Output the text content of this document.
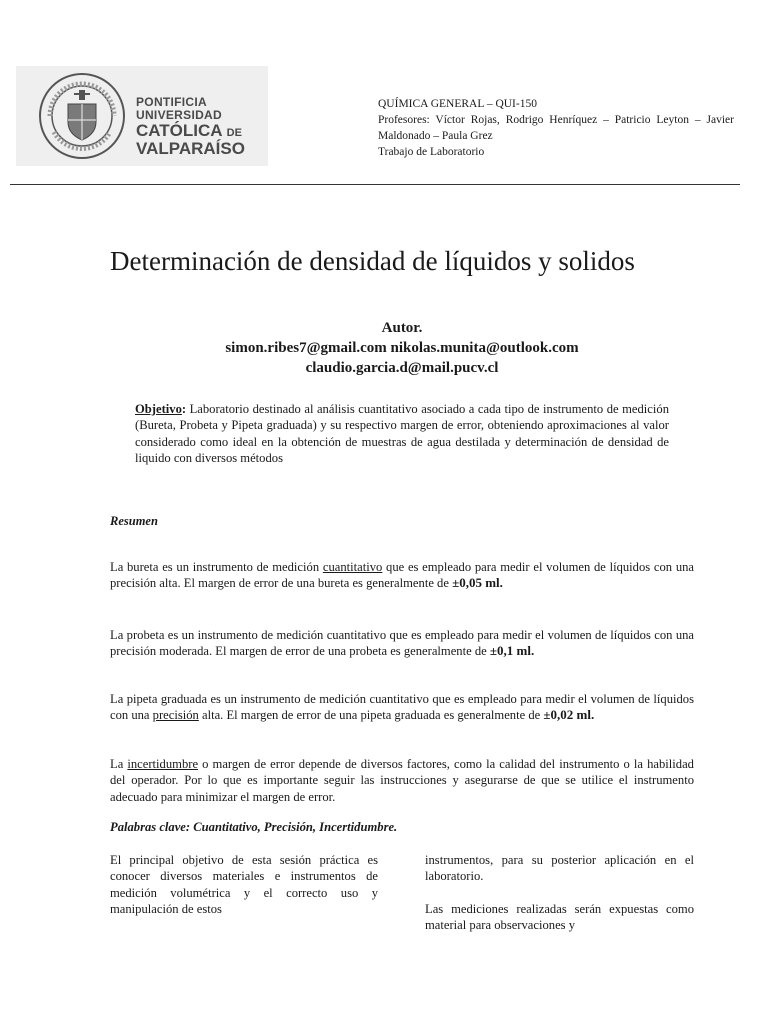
PONTIFICIA
UNIVERSIDAD
CATÓLICA DE
VALPARAÍSO
QUÍMICA GENERAL – QUI-150
Profesores: Víctor Rojas, Rodrigo Henríquez – Patricio Leyton – Javier Maldonado – Paula Grez
Trabajo de Laboratorio
Determinación de densidad de líquidos y solidos
Autor.
simon.ribes7@gmail.com nikolas.munita@outlook.com
claudio.garcia.d@mail.pucv.cl
Objetivo: Laboratorio destinado al análisis cuantitativo asociado a cada tipo de instrumento de medición (Bureta, Probeta y Pipeta graduada) y su respectivo margen de error, obteniendo aproximaciones al valor considerado como ideal en la obtención de muestras de agua destilada y determinación de densidad de liquido con diversos métodos
Resumen
La bureta es un instrumento de medición cuantitativo que es empleado para medir el volumen de líquidos con una precisión alta. El margen de error de una bureta es generalmente de ±0,05 ml.
La probeta es un instrumento de medición cuantitativo que es empleado para medir el volumen de líquidos con una precisión moderada. El margen de error de una probeta es generalmente de ±0,1 ml.
La pipeta graduada es un instrumento de medición cuantitativo que es empleado para medir el volumen de líquidos con una precisión alta. El margen de error de una pipeta graduada es generalmente de ±0,02 ml.
La incertidumbre o margen de error depende de diversos factores, como la calidad del instrumento o la habilidad del operador. Por lo que es importante seguir las instrucciones y asegurarse de que se utilice el instrumento adecuado para minimizar el margen de error.
Palabras clave: Cuantitativo, Precisión, Incertidumbre.
El principal objetivo de esta sesión práctica es conocer diversos materiales e instrumentos de medición volumétrica y el correcto uso y manipulación de estos
instrumentos, para su posterior aplicación en el laboratorio.
Las mediciones realizadas serán expuestas como material para observaciones y
